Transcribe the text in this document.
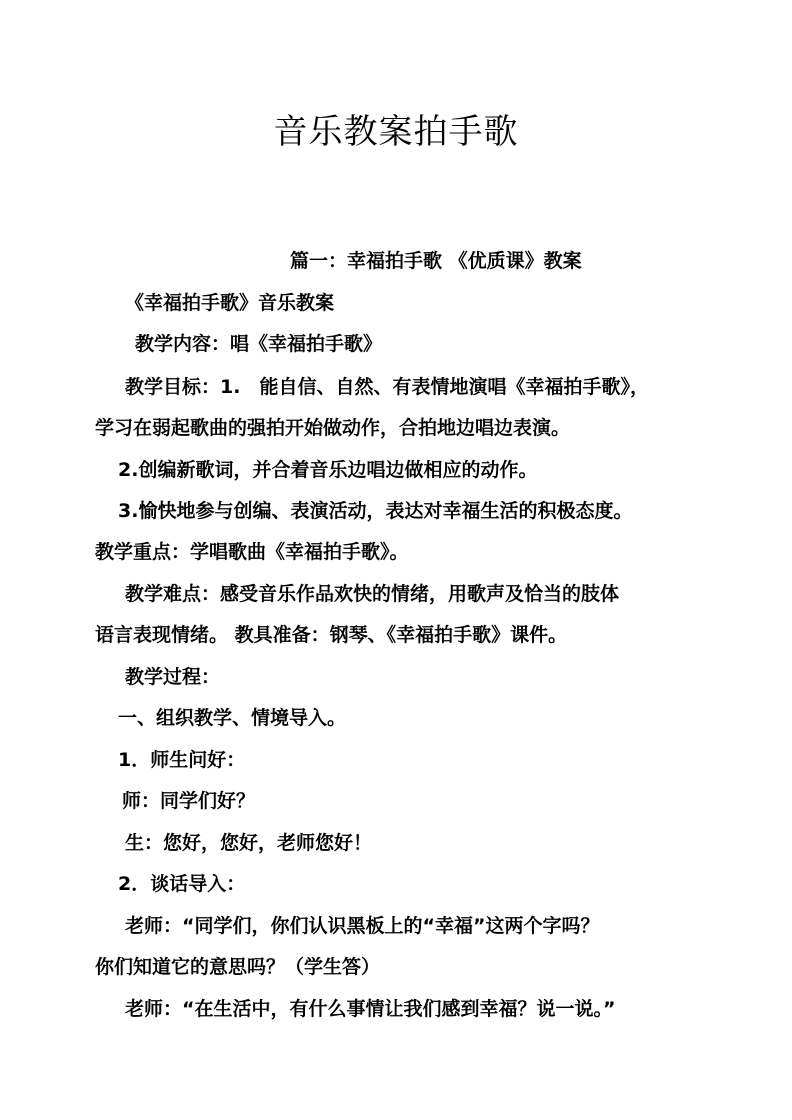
音乐教案拍手歌
篇一：幸福拍手歌 《优质课》教案
《幸福拍手歌》音乐教案
教学内容：唱《幸福拍手歌》
教学目标：1.　能自信、自然、有表情地演唱《幸福拍手歌》，
学习在弱起歌曲的强拍开始做动作，合拍地边唱边表演。
2.创编新歌词，并合着音乐边唱边做相应的动作。
3.愉快地参与创编、表演活动，表达对幸福生活的积极态度。
教学重点：学唱歌曲《幸福拍手歌》。
教学难点：感受音乐作品欢快的情绪，用歌声及恰当的肢体
语言表现情绪。 教具准备：钢琴、《幸福拍手歌》课件。
教学过程：
一、组织教学、情境导入。
1．师生问好：
师：同学们好？
生：您好，您好，老师您好！
2．谈话导入：
老师：“同学们，你们认识黑板上的“幸福”这两个字吗？
你们知道它的意思吗？（学生答）
老师：“在生活中，有什么事情让我们感到幸福？说一说。”
